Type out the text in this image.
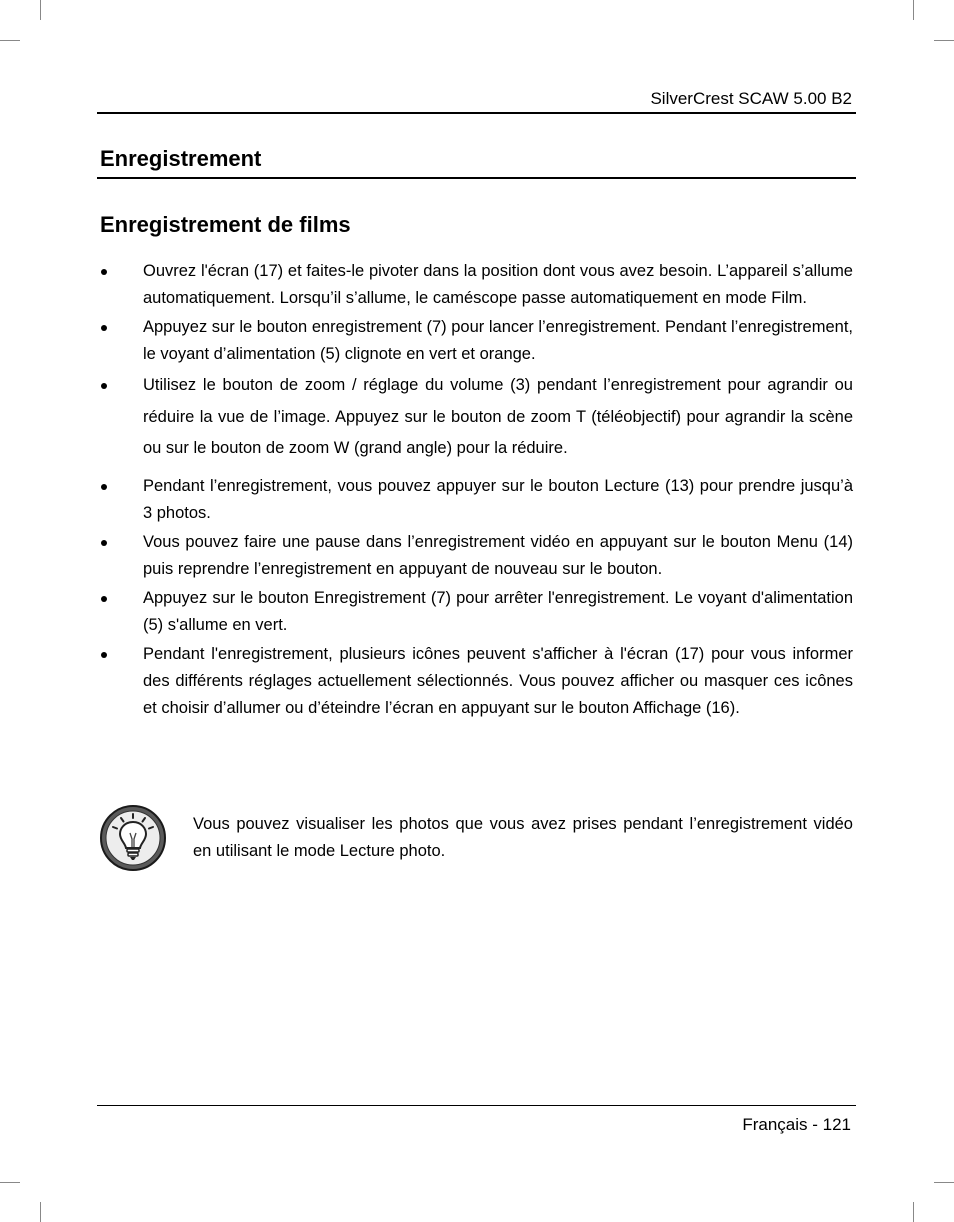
SilverCrest SCAW 5.00 B2
Enregistrement
Enregistrement de films
Ouvrez l'écran (17) et faites-le pivoter dans la position dont vous avez besoin. L’appareil s’allume automatiquement. Lorsqu’il s’allume, le caméscope passe automatiquement en mode Film.
Appuyez sur le bouton enregistrement (7) pour lancer l’enregistrement. Pendant l’enregistrement, le voyant d’alimentation (5) clignote en vert et orange.
Utilisez le bouton de zoom / réglage du volume (3) pendant l’enregistrement pour agrandir ou réduire la vue de l’image. Appuyez sur le bouton de zoom T (téléobjectif) pour agrandir la scène ou sur le bouton de zoom W (grand angle) pour la réduire.
Pendant l’enregistrement, vous pouvez appuyer sur le bouton Lecture (13) pour prendre jusqu’à 3 photos.
Vous pouvez faire une pause dans l’enregistrement vidéo en appuyant sur le bouton Menu (14) puis reprendre l’enregistrement en appuyant de nouveau sur le bouton.
Appuyez sur le bouton Enregistrement (7) pour arrêter l'enregistrement. Le voyant d'alimentation (5) s'allume en vert.
Pendant l'enregistrement, plusieurs icônes peuvent s'afficher à l'écran (17) pour vous informer des différents réglages actuellement sélectionnés. Vous pouvez afficher ou masquer ces icônes et choisir d’allumer ou d’éteindre l’écran en appuyant sur le bouton Affichage (16).
Vous pouvez visualiser les photos que vous avez prises pendant l’enregistrement vidéo en utilisant le mode Lecture photo.
Français - 121
